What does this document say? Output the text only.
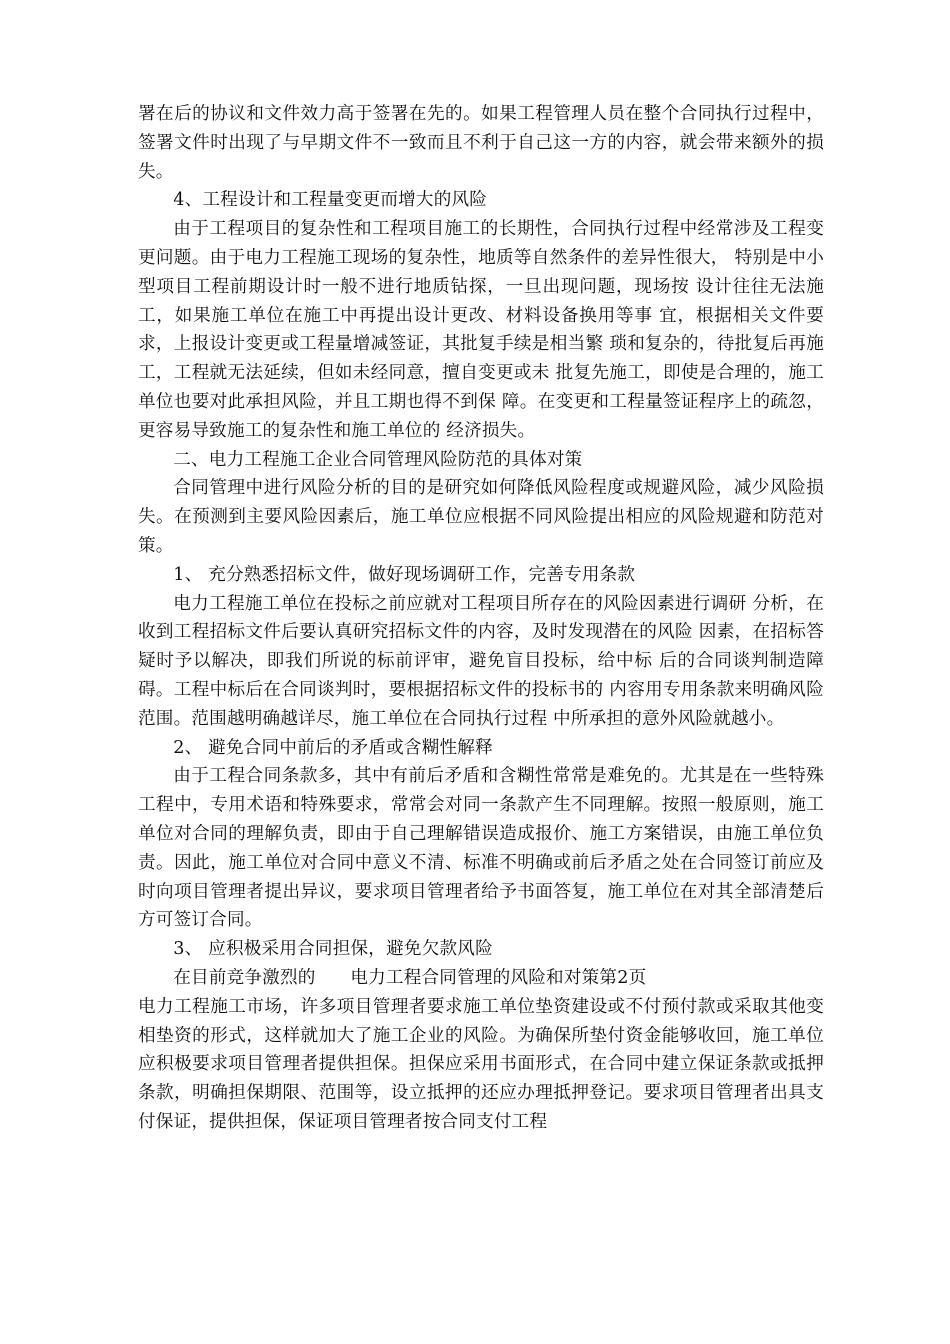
署在后的协议和文件效力高于签署在先的。如果工程管理人员在整个合同执行过程中，签署文件时出现了与早期文件不一致而且不利于自己这一方的内容，就会带来额外的损失。

4、工程设计和工程量变更而增大的风险

由于工程项目的复杂性和工程项目施工的长期性，合同执行过程中经常涉及工程变更问题。由于电力工程施工现场的复杂性，地质等自然条件的差异性很大， 特别是中小型项目工程前期设计时一般不进行地质钻探，一旦出现问题，现场按 设计往往无法施工，如果施工单位在施工中再提出设计更改、材料设备换用等事 宜，根据相关文件要求，上报设计变更或工程量增减签证，其批复手续是相当繁 琐和复杂的，待批复后再施工，工程就无法延续，但如未经同意，擅自变更或未 批复先施工，即使是合理的，施工单位也要对此承担风险，并且工期也得不到保 障。在变更和工程量签证程序上的疏忽，更容易导致施工的复杂性和施工单位的 经济损失。

二、电力工程施工企业合同管理风险防范的具体对策

合同管理中进行风险分析的目的是研究如何降低风险程度或规避风险，减少风险损失。在预测到主要风险因素后，施工单位应根据不同风险提出相应的风险规避和防范对策。

1、 充分熟悉招标文件，做好现场调研工作，完善专用条款

电力工程施工单位在投标之前应就对工程项目所存在的风险因素进行调研 分析，在收到工程招标文件后要认真研究招标文件的内容，及时发现潜在的风险 因素，在招标答疑时予以解决，即我们所说的标前评审，避免盲目投标，给中标 后的合同谈判制造障碍。工程中标后在合同谈判时，要根据招标文件的投标书的 内容用专用条款来明确风险范围。范围越明确越详尽，施工单位在合同执行过程 中所承担的意外风险就越小。

2、 避免合同中前后的矛盾或含糊性解释

由于工程合同条款多，其中有前后矛盾和含糊性常常是难免的。尤其是在一些特殊工程中，专用术语和特殊要求，常常会对同一条款产生不同理解。按照一般原则，施工单位对合同的理解负责，即由于自己理解错误造成报价、施工方案错误，由施工单位负责。因此，施工单位对合同中意义不清、标准不明确或前后矛盾之处在合同签订前应及时向项目管理者提出异议，要求项目管理者给予书面答复，施工单位在对其全部清楚后方可签订合同。

3、 应积极采用合同担保，避免欠款风险

在目前竞争激烈的 电力工程合同管理的风险和对策第2页

电力工程施工市场，许多项目管理者要求施工单位垫资建设或不付预付款或采取其他变相垫资的形式，这样就加大了施工企业的风险。为确保所垫付资金能够收回，施工单位应积极要求项目管理者提供担保。担保应采用书面形式，在合同中建立保证条款或抵押条款，明确担保期限、范围等，设立抵押的还应办理抵押登记。要求项目管理者出具支付保证，提供担保，保证项目管理者按合同支付工程
